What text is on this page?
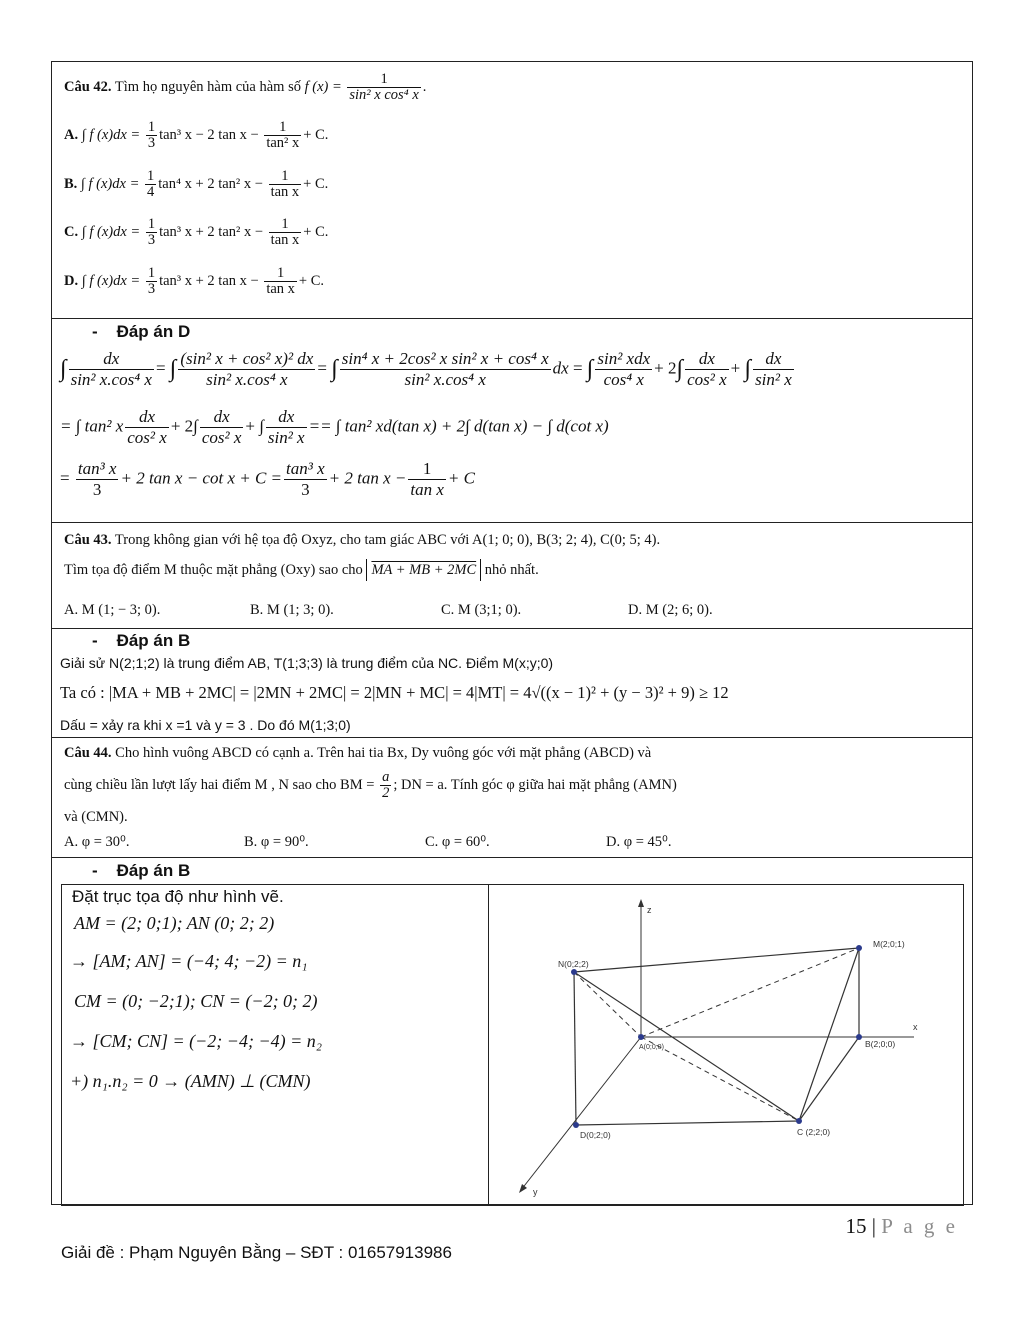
Câu 42. Tìm họ nguyên hàm của hàm số f $(x) = \frac{1}{\text{sin² x cos⁴ x}}$ .
A. ∫ f $(x)dx = \frac{1}{3} \tan^3$ x − 2 $\tan x - \frac{1}{\text{tan² x}} + C$.
B. ∫ f $(x)dx = \frac{1}{4} \tan^4$ x + 2 tan² $x - \frac{1}{\text{tan x}} + C$.
C. ∫ f $(x)dx = \frac{1}{3} \tan^3$ x + 2 tan² $x - \frac{1}{\text{tan x}} + C$.
D. ∫ f $(x)dx = \frac{1}{3} \tan^3$ x + 2 $\tan x - \frac{1}{\text{tan x}} + C$.
-    Đáp án D
∫ $\frac{dx}{\text{sin² x.cos⁴ x}}$ = ∫ $\frac{\text{(sin² x + cos² x)² dx}}{\text{sin² x.cos⁴ x}}$ = ∫ $\frac{\text{sin⁴ x + 2cos² x sin² x + cos⁴ x}}{\text{sin² x.cos⁴ x}}$ dx = ∫ $\frac{\text{sin² xdx}}{\text{cos⁴ x}} + 2\int \frac{dx}{\text{cos² x}}$ + ∫ $\frac{dx}{\text{sin² x}}$
= ∫ tan² x $\frac{dx}{\text{cos² x}} + 2\int \frac{dx}{\text{cos² x}}$ + ∫ $\frac{dx}{\text{sin² x}}$ == ∫ tan² xd(tan x) + 2∫ d(tan x) − ∫ d(cot x)
= $\frac{\text{tan³ x}}{3} + 2$ $\tan x - \cot x + C = \frac{\text{tan³ x}}{3} + 2$ $\tan x - \frac{1}{\text{tan x}} + C$
Câu 43. Trong không gian với hệ tọa độ Oxyz, cho tam giác ABC với A(1; 0; 0), B(3; 2; 4), C(0; 5; 4).
Tìm tọa độ điểm M thuộc mặt phẳng (Oxy) sao cho MA + MB + 2MC nhỏ nhất.
A. M (1; − 3; 0).	B. M (1; 3; 0).	C. M (3;1; 0).	D. M (2; 6; 0).
-    Đáp án B
Giải sử N(2;1;2) là trung điểm AB, T(1;3;3) là trung điểm của NC. Điểm M(x;y;0)
Ta có : |MA + MB + 2MC| = |2MN + 2MC| = 2|MN + MC| = 4|MT| = 4√((x − 1)² + (y − 3)² + 9) ≥ 12
Dấu = xảy ra khi x =1 và y = 3 . Do đó M(1;3;0)
Câu 44. Cho hình vuông ABCD có cạnh a. Trên hai tia Bx, Dy vuông góc với mặt phẳng (ABCD) và
cùng chiều lần lượt lấy hai điểm M , N sao cho BM = $\frac{a}{2}$ ; DN = a. Tính góc φ giữa hai mặt phẳng (AMN)
và (CMN).
A. φ = 30⁰.	B. φ = 90⁰.	C. φ = 60⁰.	D. φ = 45⁰.
-    Đáp án B
Đặt trục tọa độ như hình vẽ.
AM = (2; 0;1); AN (0; 2; 2)
→ [AM; AN] = (−4; 4; −2) = n₁
CM = (0; −2;1); CN = (−2; 0; 2)
→ [CM; CN] = (−2; −4; −4) = n₂
+) n₁.n₂ = 0 → (AMN) ⊥ (CMN)
z
x
y
N(0;2;2)
M(2;0;1)
A(0;0;0)	B(2;0;0)
C (2;2;0)
D(0;2;0)
15 | P a g e
Giải đề : Phạm Nguyên Bằng – SĐT : 01657913986
